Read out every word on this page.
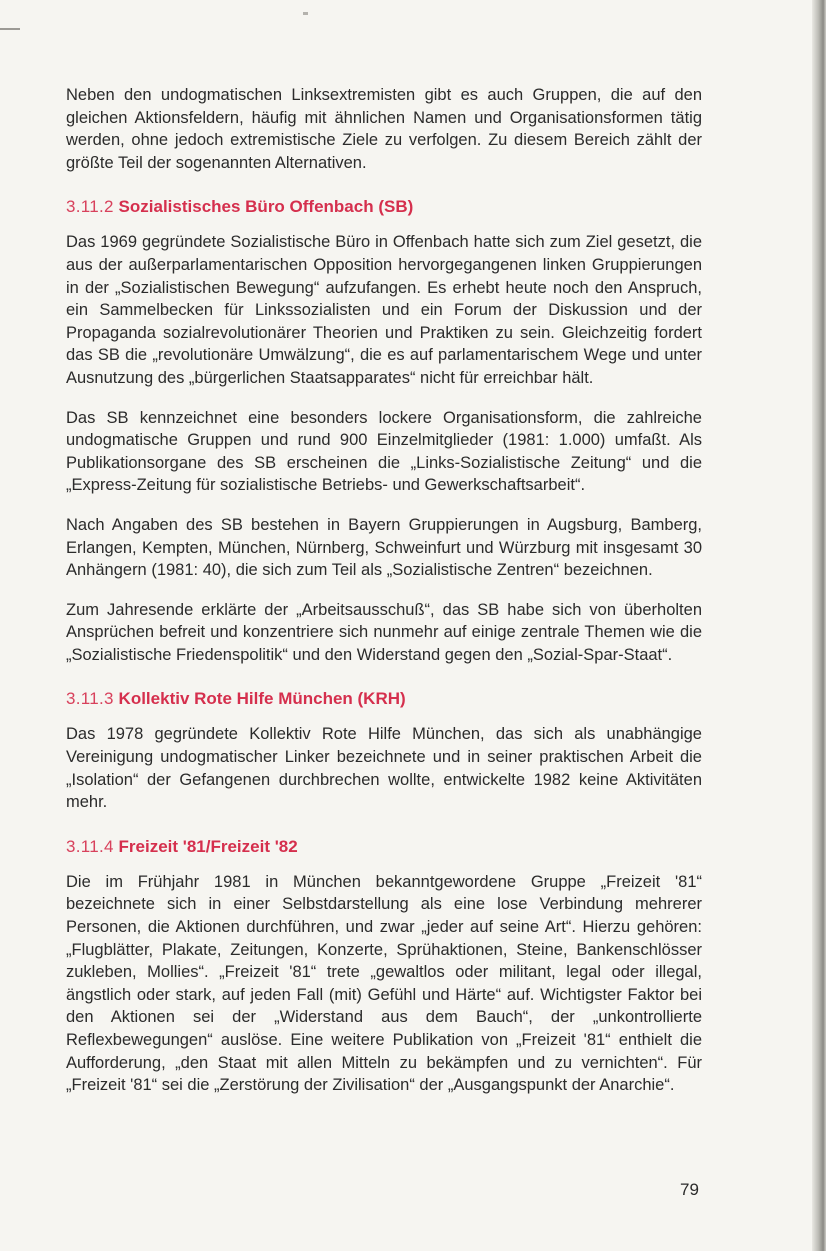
Neben den undogmatischen Linksextremisten gibt es auch Gruppen, die auf den gleichen Aktionsfeldern, häufig mit ähnlichen Namen und Organisationsformen tätig werden, ohne jedoch extremistische Ziele zu verfolgen. Zu diesem Bereich zählt der größte Teil der sogenannten Alternativen.

3.11.2 Sozialistisches Büro Offenbach (SB)

Das 1969 gegründete Sozialistische Büro in Offenbach hatte sich zum Ziel gesetzt, die aus der außerparlamentarischen Opposition hervorgegangenen linken Gruppierungen in der „Sozialistischen Bewegung“ aufzufangen. Es erhebt heute noch den Anspruch, ein Sammelbecken für Linkssozialisten und ein Forum der Diskussion und der Propaganda sozialrevolutionärer Theorien und Praktiken zu sein. Gleichzeitig fordert das SB die „revolutionäre Umwälzung“, die es auf parlamentarischem Wege und unter Ausnutzung des „bürgerlichen Staatsapparates“ nicht für erreichbar hält.

Das SB kennzeichnet eine besonders lockere Organisationsform, die zahlreiche undogmatische Gruppen und rund 900 Einzelmitglieder (1981: 1.000) umfaßt. Als Publikationsorgane des SB erscheinen die „Links-Sozialistische Zeitung“ und die „Express-Zeitung für sozialistische Betriebs- und Gewerkschaftsarbeit“.

Nach Angaben des SB bestehen in Bayern Gruppierungen in Augsburg, Bamberg, Erlangen, Kempten, München, Nürnberg, Schweinfurt und Würzburg mit insgesamt 30 Anhängern (1981: 40), die sich zum Teil als „Sozialistische Zentren“ bezeichnen.

Zum Jahresende erklärte der „Arbeitsausschuß“, das SB habe sich von überholten Ansprüchen befreit und konzentriere sich nunmehr auf einige zentrale Themen wie die „Sozialistische Friedenspolitik“ und den Widerstand gegen den „Sozial-Spar-Staat“.

3.11.3 Kollektiv Rote Hilfe München (KRH)

Das 1978 gegründete Kollektiv Rote Hilfe München, das sich als unabhängige Vereinigung undogmatischer Linker bezeichnete und in seiner praktischen Arbeit die „Isolation“ der Gefangenen durchbrechen wollte, entwickelte 1982 keine Aktivitäten mehr.

3.11.4 Freizeit '81/Freizeit '82

Die im Frühjahr 1981 in München bekanntgewordene Gruppe „Freizeit '81“ bezeichnete sich in einer Selbstdarstellung als eine lose Verbindung mehrerer Personen, die Aktionen durchführen, und zwar „jeder auf seine Art“. Hierzu gehören: „Flugblätter, Plakate, Zeitungen, Konzerte, Sprühaktionen, Steine, Bankenschlösser zukleben, Mollies“. „Freizeit '81“ trete „gewaltlos oder militant, legal oder illegal, ängstlich oder stark, auf jeden Fall (mit) Gefühl und Härte“ auf. Wichtigster Faktor bei den Aktionen sei der „Widerstand aus dem Bauch“, der „unkontrollierte Reflexbewegungen“ auslöse. Eine weitere Publikation von „Freizeit '81“ enthielt die Aufforderung, „den Staat mit allen Mitteln zu bekämpfen und zu vernichten“. Für „Freizeit '81“ sei die „Zerstörung der Zivilisation“ der „Ausgangspunkt der Anarchie“.

79
